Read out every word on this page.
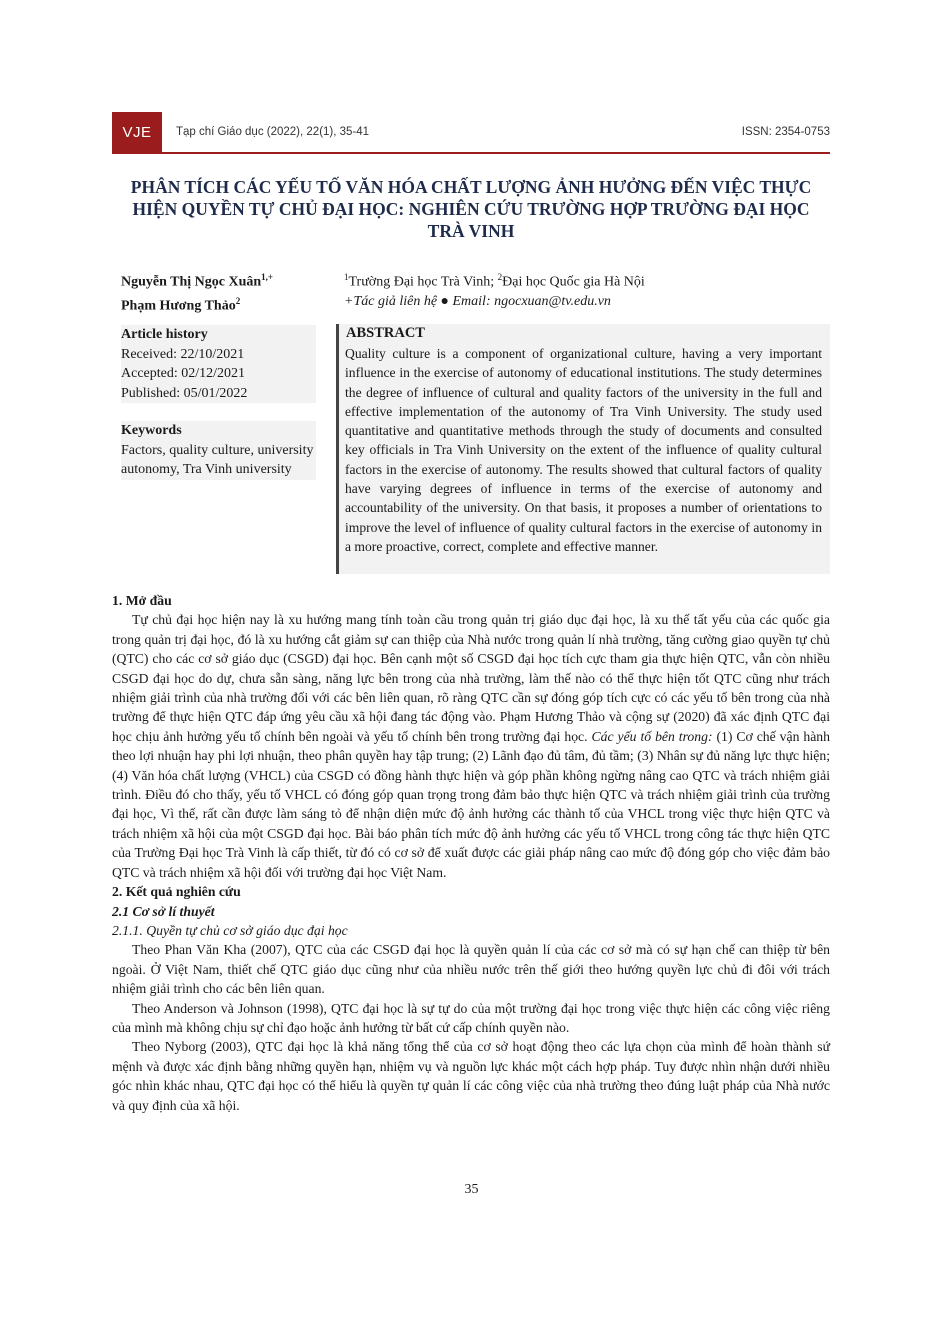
VJE	Tạp chí Giáo dục (2022), 22(1), 35-41	ISSN: 2354-0753
PHÂN TÍCH CÁC YẾU TỐ VĂN HÓA CHẤT LƯỢNG ẢNH HƯỞNG ĐẾN VIỆC THỰC HIỆN QUYỀN TỰ CHỦ ĐẠI HỌC: NGHIÊN CỨU TRƯỜNG HỢP TRƯỜNG ĐẠI HỌC TRÀ VINH
Nguyễn Thị Ngọc Xuân$^{1,+}$
Phạm Hương Thảo$^2$
$^1$Trường Đại học Trà Vinh; $^2$Đại học Quốc gia Hà Nội
+Tác giả liên hệ ● Email: ngocxuan@tv.edu.vn
Article history
Received: 22/10/2021
Accepted: 02/12/2021
Published: 05/01/2022
Keywords
Factors, quality culture, university autonomy, Tra Vinh university
ABSTRACT
Quality culture is a component of organizational culture, having a very important influence in the exercise of autonomy of educational institutions. The study determines the degree of influence of cultural and quality factors of the university in the full and effective implementation of the autonomy of Tra Vinh University. The study used quantitative and quantitative methods through the study of documents and consulted key officials in Tra Vinh University on the extent of the influence of quality cultural factors in the exercise of autonomy. The results showed that cultural factors of quality have varying degrees of influence in terms of the exercise of autonomy and accountability of the university. On that basis, it proposes a number of orientations to improve the level of influence of quality cultural factors in the exercise of autonomy in a more proactive, correct, complete and effective manner.

1. Mở đầu

Tự chủ đại học hiện nay là xu hướng mang tính toàn cầu trong quản trị giáo dục đại học, là xu thế tất yếu của các quốc gia trong quản trị đại học, đó là xu hướng cắt giảm sự can thiệp của Nhà nước trong quản lí nhà trường, tăng cường giao quyền tự chủ (QTC) cho các cơ sở giáo dục (CSGD) đại học. Bên cạnh một số CSGD đại học tích cực tham gia thực hiện QTC, vẫn còn nhiều CSGD đại học do dự, chưa sẵn sàng, năng lực bên trong của nhà trường, làm thế nào có thể thực hiện tốt QTC cũng như trách nhiệm giải trình của nhà trường đối với các bên liên quan, rõ ràng QTC cần sự đóng góp tích cực có các yếu tố bên trong của nhà trường để thực hiện QTC đáp ứng yêu cầu xã hội đang tác động vào. Phạm Hương Thảo và cộng sự (2020) đã xác định QTC đại học chịu ảnh hưởng yếu tố chính bên ngoài và yếu tố chính bên trong trường đại học. Các yếu tố bên trong: (1) Cơ chế vận hành theo lợi nhuận hay phi lợi nhuận, theo phân quyền hay tập trung; (2) Lãnh đạo đủ tâm, đủ tầm; (3) Nhân sự đủ năng lực thực hiện; (4) Văn hóa chất lượng (VHCL) của CSGD có đồng hành thực hiện và góp phần không ngừng nâng cao QTC và trách nhiệm giải trình. Điều đó cho thấy, yếu tố VHCL có đóng góp quan trọng trong đảm bảo thực hiện QTC và trách nhiệm giải trình của trường đại học, Vì thế, rất cần được làm sáng tỏ để nhận diện mức độ ảnh hưởng các thành tố của VHCL trong việc thực hiện QTC và trách nhiệm xã hội của một CSGD đại học. Bài báo phân tích mức độ ảnh hưởng các yếu tố VHCL trong công tác thực hiện QTC của Trường Đại học Trà Vinh là cấp thiết, từ đó có cơ sở để xuất được các giải pháp nâng cao mức độ đóng góp cho việc đảm bảo QTC và trách nhiệm xã hội đối với trường đại học Việt Nam.

2. Kết quả nghiên cứu

2.1 Cơ sở lí thuyết

2.1.1. Quyền tự chủ cơ sở giáo dục đại học

Theo Phan Văn Kha (2007), QTC của các CSGD đại học là quyền quản lí của các cơ sở mà có sự hạn chế can thiệp từ bên ngoài. Ở Việt Nam, thiết chế QTC giáo dục cũng như của nhiều nước trên thế giới theo hướng quyền lực chủ đi đôi với trách nhiệm giải trình cho các bên liên quan.

Theo Anderson và Johnson (1998), QTC đại học là sự tự do của một trường đại học trong việc thực hiện các công việc riêng của mình mà không chịu sự chỉ đạo hoặc ảnh hưởng từ bất cứ cấp chính quyền nào.

Theo Nyborg (2003), QTC đại học là khả năng tổng thể của cơ sở hoạt động theo các lựa chọn của mình để hoàn thành sứ mệnh và được xác định bằng những quyền hạn, nhiệm vụ và nguồn lực khác một cách hợp pháp. Tuy được nhìn nhận dưới nhiều góc nhìn khác nhau, QTC đại học có thể hiểu là quyền tự quản lí các công việc của nhà trường theo đúng luật pháp của Nhà nước và quy định của xã hội.

35
